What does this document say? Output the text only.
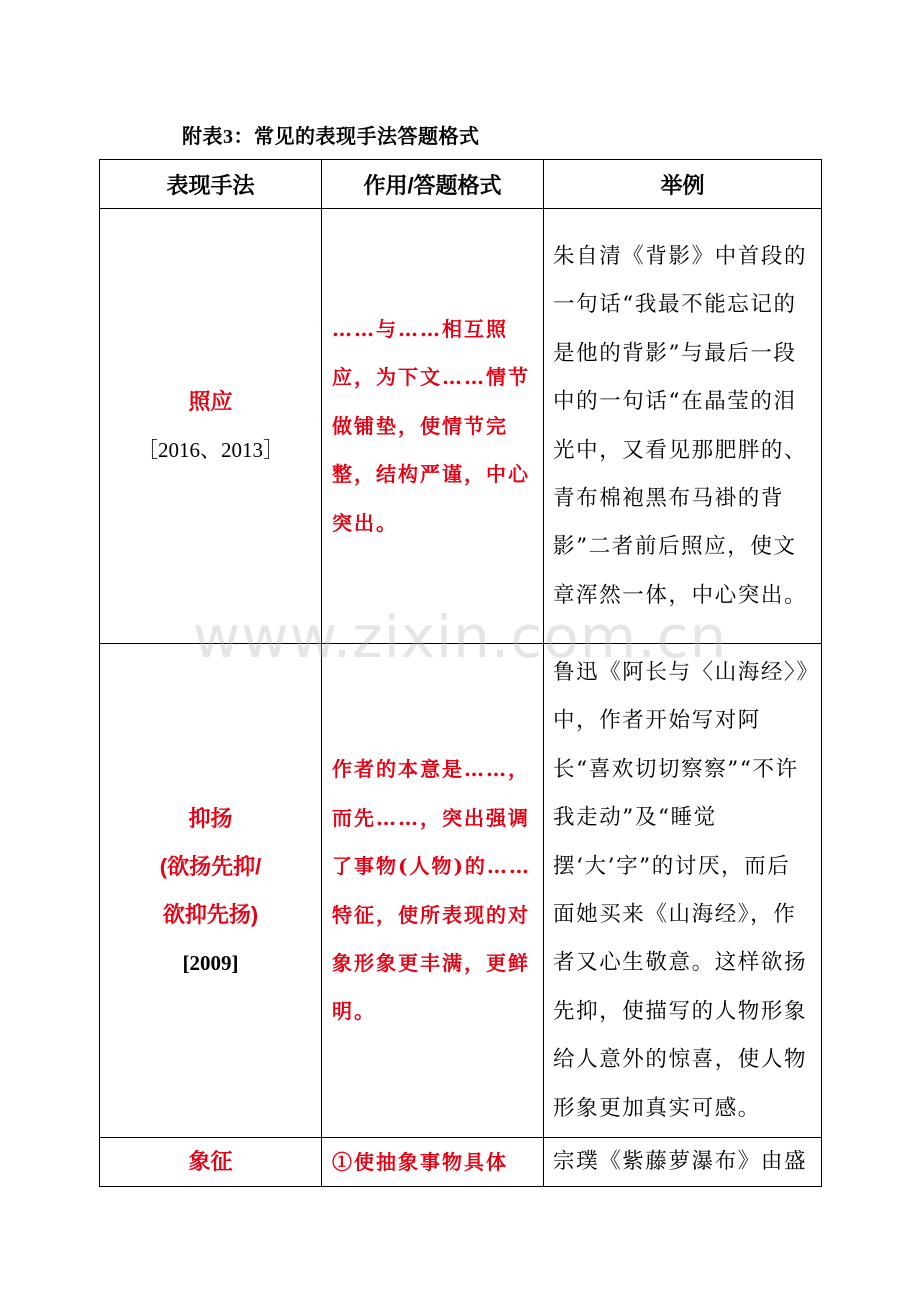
附表3：常见的表现手法答题格式
表现手法	作用/答题格式	举例

照应
［2016、2013］	……与……相互照应，为下文……情节做铺垫，使情节完整，结构严谨，中心突出。	朱自清《背影》中首段的一句话“我最不能忘记的是他的背影”与最后一段中的一句话“在晶莹的泪光中，又看见那肥胖的、青布棉袍黑布马褂的背影”二者前后照应，使文章浑然一体，中心突出。

抑扬
(欲扬先抑/
欲抑先扬)
[2009]	作者的本意是……，而先……，突出强调了事物(人物)的……特征，使所表现的对象形象更丰满，更鲜明。	鲁迅《阿长与〈山海经〉》中，作者开始写对阿长“喜欢切切察察”“不许我走动”及“睡觉摆‘大’字”的讨厌，而后面她买来《山海经》，作者又心生敬意。这样欲扬先抑，使描写的人物形象给人意外的惊喜，使人物形象更加真实可感。

象征	①使抽象事物具体	宗璞《紫藤萝瀑布》由盛
www.zixin.com.cn
